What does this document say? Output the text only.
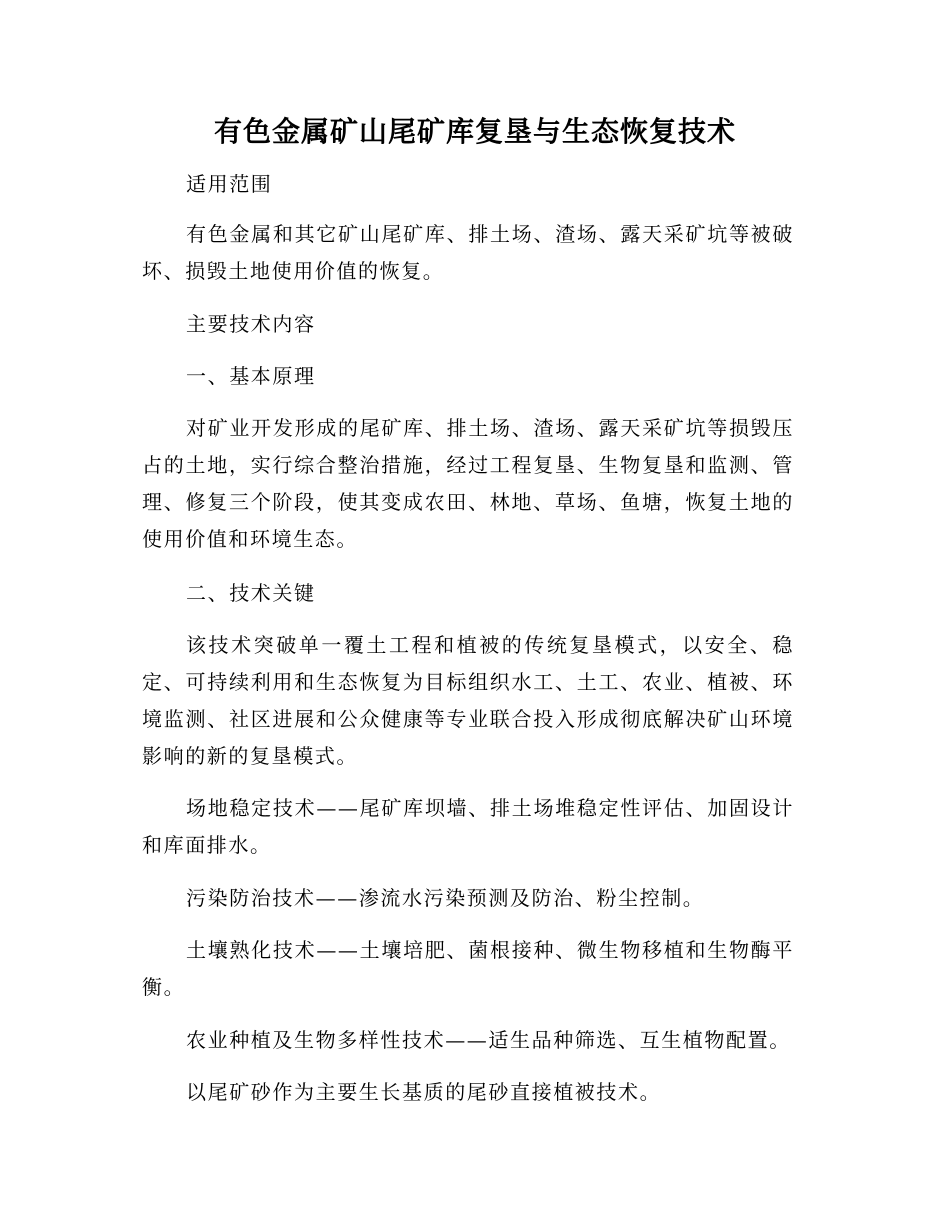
有色金属矿山尾矿库复垦与生态恢复技术

适用范围

有色金属和其它矿山尾矿库、排土场、渣场、露天采矿坑等被破坏、损毁土地使用价值的恢复。

主要技术内容

一、基本原理

对矿业开发形成的尾矿库、排土场、渣场、露天采矿坑等损毁压占的土地，实行综合整治措施，经过工程复垦、生物复垦和监测、管理、修复三个阶段，使其变成农田、林地、草场、鱼塘，恢复土地的使用价值和环境生态。

二、技术关键

该技术突破单一覆土工程和植被的传统复垦模式，以安全、稳定、可持续利用和生态恢复为目标组织水工、土工、农业、植被、环境监测、社区进展和公众健康等专业联合投入形成彻底解决矿山环境影响的新的复垦模式。

场地稳定技术——尾矿库坝墙、排土场堆稳定性评估、加固设计和库面排水。

污染防治技术——渗流水污染预测及防治、粉尘控制。

土壤熟化技术——土壤培肥、菌根接种、微生物移植和生物酶平衡。

农业种植及生物多样性技术——适生品种筛选、互生植物配置。

以尾矿砂作为主要生长基质的尾砂直接植被技术。
